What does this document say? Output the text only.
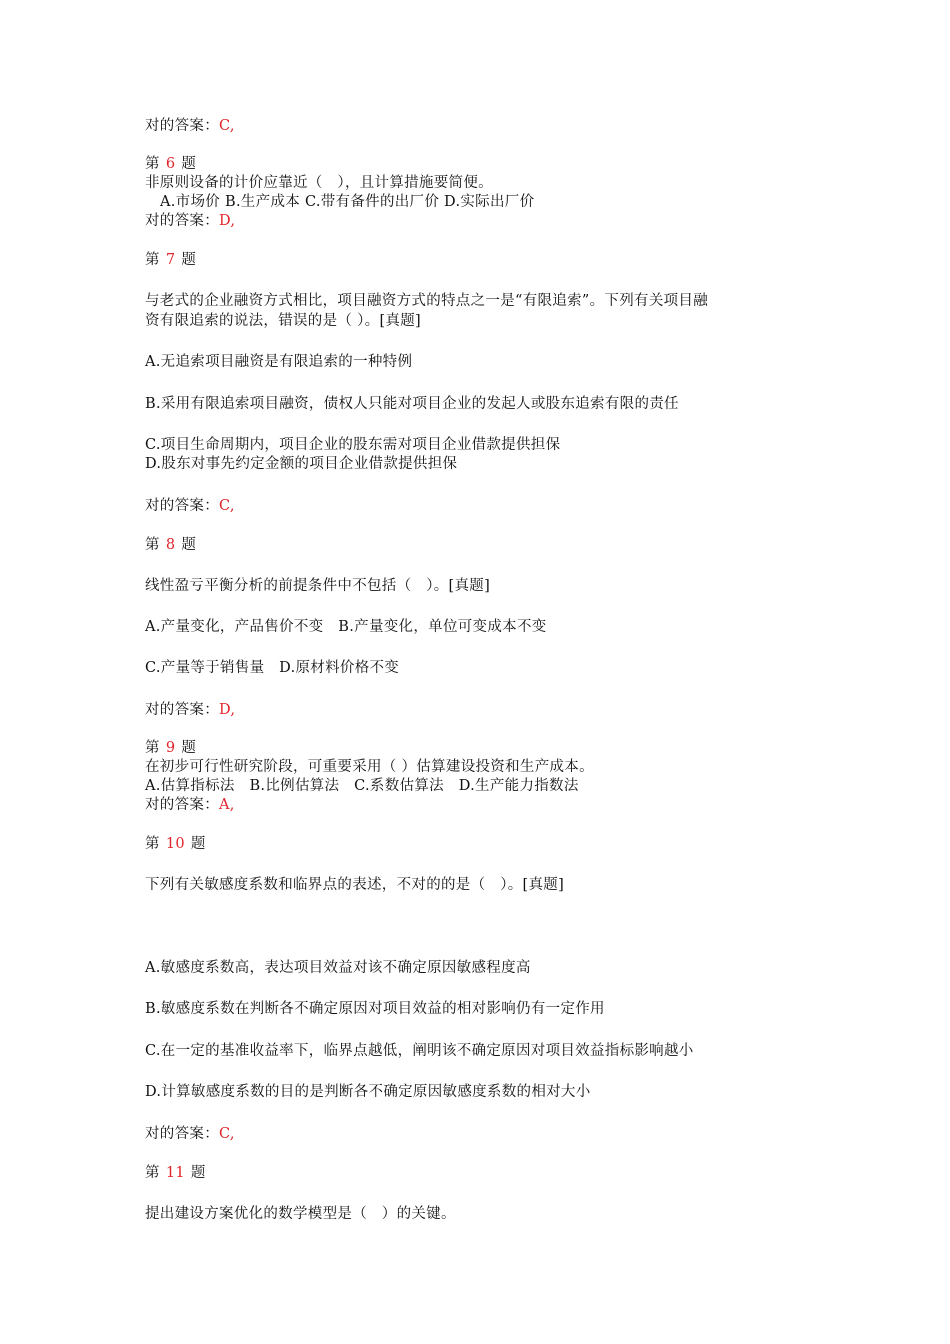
对的答案：C,
第 6 题
非原则设备的计价应靠近（　），且计算措施要简便。
A.市场价 B.生产成本 C.带有备件的出厂价 D.实际出厂价
对的答案：D,
第 7 题
与老式的企业融资方式相比，项目融资方式的特点之一是“有限追索”。下列有关项目融
资有限追索的说法，错误的是（ ）。[真题]
A.无追索项目融资是有限追索的一种特例
B.采用有限追索项目融资，债权人只能对项目企业的发起人或股东追索有限的责任
C.项目生命周期内，项目企业的股东需对项目企业借款提供担保
D.股东对事先约定金额的项目企业借款提供担保
对的答案：C,
第 8 题
线性盈亏平衡分析的前提条件中不包括（　）。[真题]
A.产量变化，产品售价不变　B.产量变化，单位可变成本不变
C.产量等于销售量　D.原材料价格不变
对的答案：D,
第 9 题
在初步可行性研究阶段，可重要采用（ ）估算建设投资和生产成本。
A.估算指标法　B.比例估算法　C.系数估算法　D.生产能力指数法
对的答案：A,
第 10 题
下列有关敏感度系数和临界点的表述，不对的的是（　）。[真题]
A.敏感度系数高，表达项目效益对该不确定原因敏感程度高
B.敏感度系数在判断各不确定原因对项目效益的相对影响仍有一定作用
C.在一定的基准收益率下，临界点越低，阐明该不确定原因对项目效益指标影响越小
D.计算敏感度系数的目的是判断各不确定原因敏感度系数的相对大小
对的答案：C,
第 11 题
提出建设方案优化的数学模型是（　）的关键。
